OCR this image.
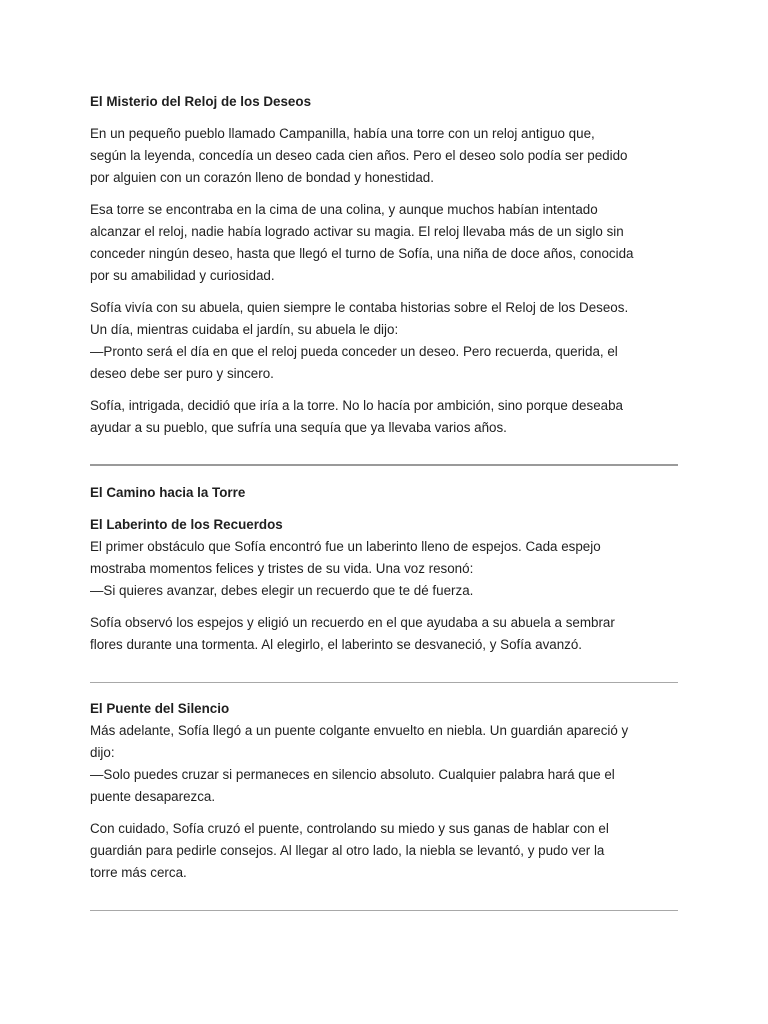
El Misterio del Reloj de los Deseos

En un pequeño pueblo llamado Campanilla, había una torre con un reloj antiguo que,
según la leyenda, concedía un deseo cada cien años. Pero el deseo solo podía ser pedido
por alguien con un corazón lleno de bondad y honestidad.

Esa torre se encontraba en la cima de una colina, y aunque muchos habían intentado
alcanzar el reloj, nadie había logrado activar su magia. El reloj llevaba más de un siglo sin
conceder ningún deseo, hasta que llegó el turno de Sofía, una niña de doce años, conocida
por su amabilidad y curiosidad.

Sofía vivía con su abuela, quien siempre le contaba historias sobre el Reloj de los Deseos.
Un día, mientras cuidaba el jardín, su abuela le dijo:
—Pronto será el día en que el reloj pueda conceder un deseo. Pero recuerda, querida, el
deseo debe ser puro y sincero.

Sofía, intrigada, decidió que iría a la torre. No lo hacía por ambición, sino porque deseaba
ayudar a su pueblo, que sufría una sequía que ya llevaba varios años.

El Camino hacia la Torre

El Laberinto de los Recuerdos

El primer obstáculo que Sofía encontró fue un laberinto lleno de espejos. Cada espejo
mostraba momentos felices y tristes de su vida. Una voz resonó:
—Si quieres avanzar, debes elegir un recuerdo que te dé fuerza.

Sofía observó los espejos y eligió un recuerdo en el que ayudaba a su abuela a sembrar
flores durante una tormenta. Al elegirlo, el laberinto se desvaneció, y Sofía avanzó.

El Puente del Silencio

Más adelante, Sofía llegó a un puente colgante envuelto en niebla. Un guardián apareció y
dijo:
—Solo puedes cruzar si permaneces en silencio absoluto. Cualquier palabra hará que el
puente desaparezca.

Con cuidado, Sofía cruzó el puente, controlando su miedo y sus ganas de hablar con el
guardián para pedirle consejos. Al llegar al otro lado, la niebla se levantó, y pudo ver la
torre más cerca.
